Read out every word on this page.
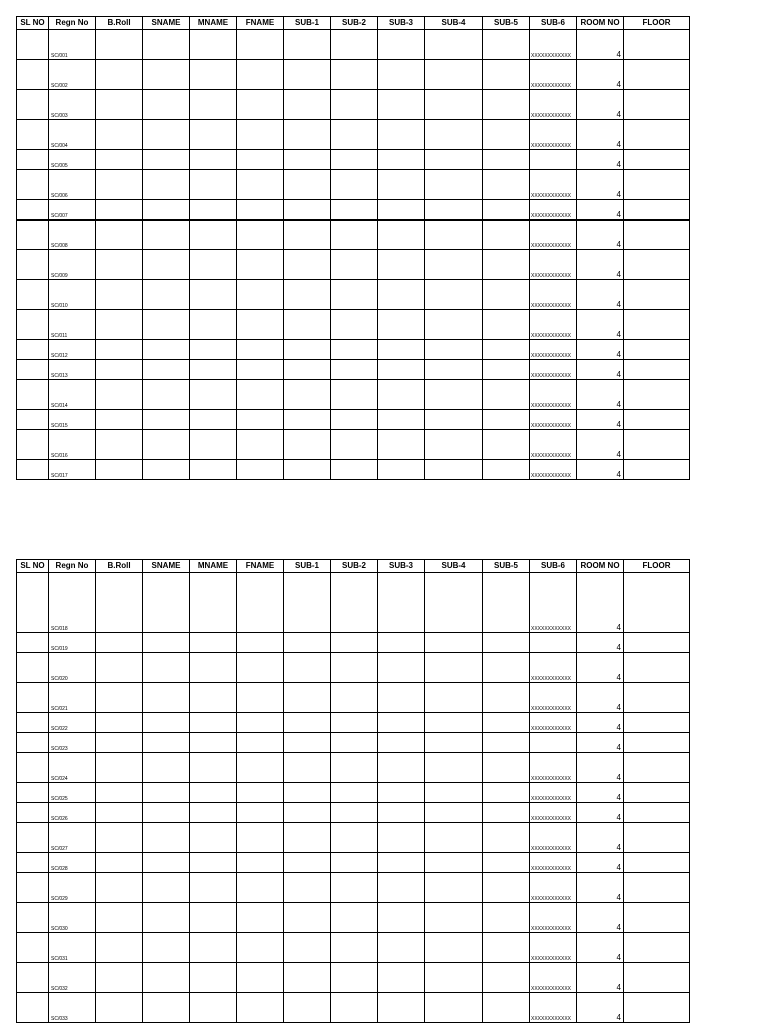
SL NO	Regn No	B.Roll	SNAME	MNAME	FNAME	SUB-1	SUB-2	SUB-3	SUB-4	SUB-5	SUB-6	ROOM NO	FLOOR
	SC/001										XXXXXXXXXXXX	4	
	SC/002										XXXXXXXXXXXX	4	
	SC/003										XXXXXXXXXXXX	4	
	SC/004										XXXXXXXXXXXX	4	
	SC/005											4	
	SC/006										XXXXXXXXXXXX	4	
	SC/007										XXXXXXXXXXXX	4	
	SC/008										XXXXXXXXXXXX	4	
	SC/009										XXXXXXXXXXXX	4	
	SC/010										XXXXXXXXXXXX	4	
	SC/011										XXXXXXXXXXXX	4	
	SC/012										XXXXXXXXXXXX	4	
	SC/013										XXXXXXXXXXXX	4	
	SC/014										XXXXXXXXXXXX	4	
	SC/015										XXXXXXXXXXXX	4	
	SC/016										XXXXXXXXXXXX	4	
	SC/017										XXXXXXXXXXXX	4	
SL NO	Regn No	B.Roll	SNAME	MNAME	FNAME	SUB-1	SUB-2	SUB-3	SUB-4	SUB-5	SUB-6	ROOM NO	FLOOR
	SC/018										XXXXXXXXXXXX	4	
	SC/019											4	
	SC/020										XXXXXXXXXXXX	4	
	SC/021										XXXXXXXXXXXX	4	
	SC/022										XXXXXXXXXXXX	4	
	SC/023											4	
	SC/024										XXXXXXXXXXXX	4	
	SC/025										XXXXXXXXXXXX	4	
	SC/026										XXXXXXXXXXXX	4	
	SC/027										XXXXXXXXXXXX	4	
	SC/028										XXXXXXXXXXXX	4	
	SC/029										XXXXXXXXXXXX	4	
	SC/030										XXXXXXXXXXXX	4	
	SC/031										XXXXXXXXXXXX	4	
	SC/032										XXXXXXXXXXXX	4	
	SC/033										XXXXXXXXXXXX	4	
